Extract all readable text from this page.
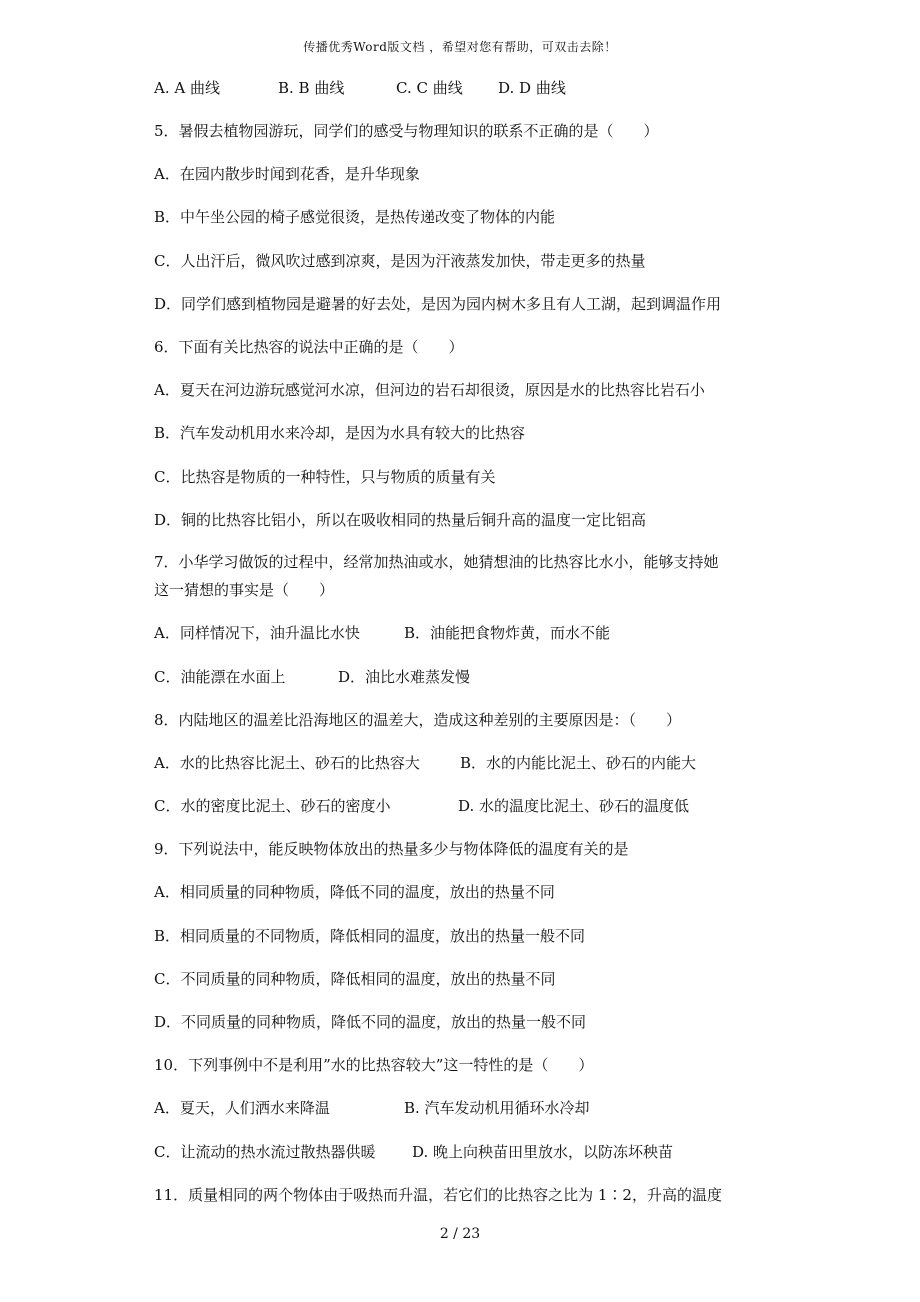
传播优秀Word版文档 ，希望对您有帮助，可双击去除！
A. A 曲线	B. B 曲线	C. C 曲线 D. D 曲线
5．暑假去植物园游玩，同学们的感受与物理知识的联系不正确的是（　　）
A．在园内散步时闻到花香，是升华现象
B．中午坐公园的椅子感觉很烫，是热传递改变了物体的内能
C．人出汗后，微风吹过感到凉爽，是因为汗液蒸发加快，带走更多的热量
D．同学们感到植物园是避暑的好去处，是因为园内树木多且有人工湖，起到调温作用
6．下面有关比热容的说法中正确的是（　　）
A．夏天在河边游玩感觉河水凉，但河边的岩石却很烫，原因是水的比热容比岩石小
B．汽车发动机用水来冷却，是因为水具有较大的比热容
C．比热容是物质的一种特性，只与物质的质量有关
D．铜的比热容比铝小，所以在吸收相同的热量后铜升高的温度一定比铝高
7．小华学习做饭的过程中，经常加热油或水，她猜想油的比热容比水小，能够支持她
这一猜想的事实是（　　）
A．同样情况下，油升温比水快	B．油能把食物炸黄，而水不能
C．油能漂在水面上	D．油比水难蒸发慢
8．内陆地区的温差比沿海地区的温差大，造成这种差别的主要原因是：（　　）
A．水的比热容比泥土、砂石的比热容大	B．水的内能比泥土、砂石的内能大
C．水的密度比泥土、砂石的密度小	D. 水的温度比泥土、砂石的温度低
9．下列说法中，能反映物体放出的热量多少与物体降低的温度有关的是
A．相同质量的同种物质，降低不同的温度，放出的热量不同
B．相同质量的不同物质，降低相同的温度，放出的热量一般不同
C．不同质量的同种物质，降低相同的温度，放出的热量不同
D．不同质量的同种物质，降低不同的温度，放出的热量一般不同
10．下列事例中不是利用”水的比热容较大”这一特性的是（　　）
A．夏天，人们洒水来降温	B. 汽车发动机用循环水冷却
C．让流动的热水流过散热器供暖 D. 晚上向秧苗田里放水，以防冻坏秧苗
11．质量相同的两个物体由于吸热而升温，若它们的比热容之比为 1∶2，升高的温度
2 / 23
